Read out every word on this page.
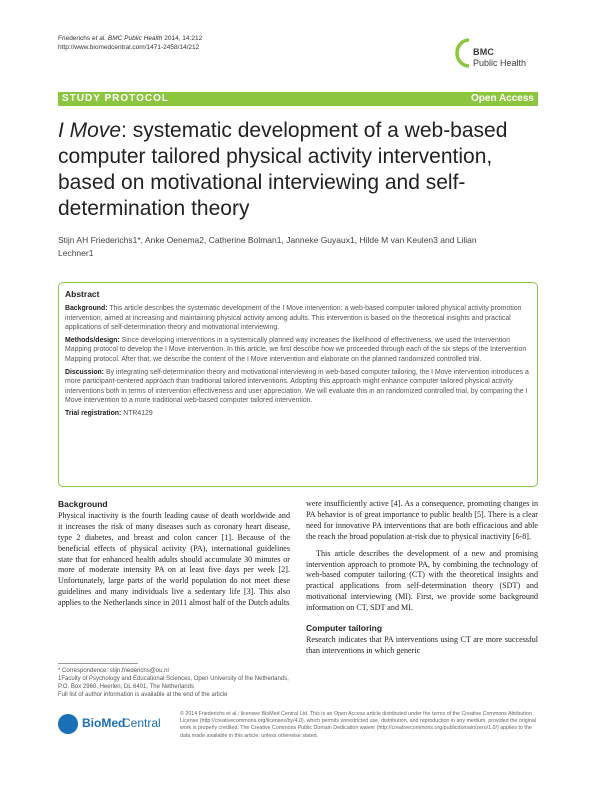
Friederichs et al. BMC Public Health 2014, 14:212
http://www.biomedcentral.com/1471-2458/14/212	BMC
Public Health
STUDY PROTOCOL	Open Access
I Move: systematic development of a web-based computer tailored physical activity intervention, based on motivational interviewing and self-determination theory
Stijn AH Friederichs1*, Anke Oenema2, Catherine Bolman1, Janneke Guyaux1, Hilde M van Keulen3 and Lilian Lechner1
Abstract

Background: This article describes the systematic development of the I Move intervention: a web-based computer tailored physical activity promotion intervention, aimed at increasing and maintaining physical activity among adults. This intervention is based on the theoretical insights and practical applications of self-determination theory and motivational interviewing.

Methods/design: Since developing interventions in a systemically planned way increases the likelihood of effectiveness, we used the Intervention Mapping protocol to develop the I Move intervention. In this article, we first describe how we proceeded through each of the six steps of the Intervention Mapping protocol. After that, we describe the content of the I Move intervention and elaborate on the planned randomized controlled trial.

Discussion: By integrating self-determination theory and motivational interviewing in web-based computer tailoring, the I Move intervention introduces a more participant-centered approach than traditional tailored interventions. Adopting this approach might enhance computer tailored physical activity interventions both in terms of intervention effectiveness and user appreciation. We will evaluate this in an randomized controlled trial, by comparing the I Move intervention to a more traditional web-based computer tailored intervention.

Trial registration: NTR4129

Background

Physical inactivity is the fourth leading cause of death worldwide and it increases the risk of many diseases such as coronary heart disease, type 2 diabetes, and breast and colon cancer [1]. Because of the beneficial effects of physical activity (PA), international guidelines state that for enhanced health adults should accumulate 30 minutes or more of moderate intensity PA on at least five days per week [2]. Unfortunately, large parts of the world population do not meet these guidelines and many individuals live a sedentary life [3]. This also applies to the Netherlands since in 2011 almost half of the Dutch adults

were insufficiently active [4]. As a consequence, promoting changes in PA behavior is of great importance to public health [5]. There is a clear need for innovative PA interventions that are both efficacious and able the reach the broad population at-risk due to physical inactivity [6-8].

This article describes the development of a new and promising intervention approach to promote PA, by combining the technology of web-based computer tailoring (CT) with the theoretical insights and practical applications from self-determination theory (SDT) and motivational interviewing (MI). First, we provide some background information on CT, SDT and MI.

Computer tailoring

Research indicates that PA interventions using CT are more successful than interventions in which generic

* Correspondence: stijn.friederichs@ou.nl
1Faculty of Psychology and Educational Sciences, Open University of the Netherlands, P.O. Box 2960, Heerlen, DL 6401, The Netherlands
Full list of author information is available at the end of the article
BioMed
Central
© 2014 Friederichs et al.; licensee BioMed Central Ltd. This is an Open Access article distributed under the terms of the Creative Commons Attribution License (http://creativecommons.org/licenses/by/4.0), which permits unrestricted use, distribution, and reproduction in any medium, provided the original work is properly credited. The Creative Commons Public Domain Dedication waiver (http://creativecommons.org/publicdomain/zero/1.0/) applies to the data made available in this article, unless otherwise stated.
